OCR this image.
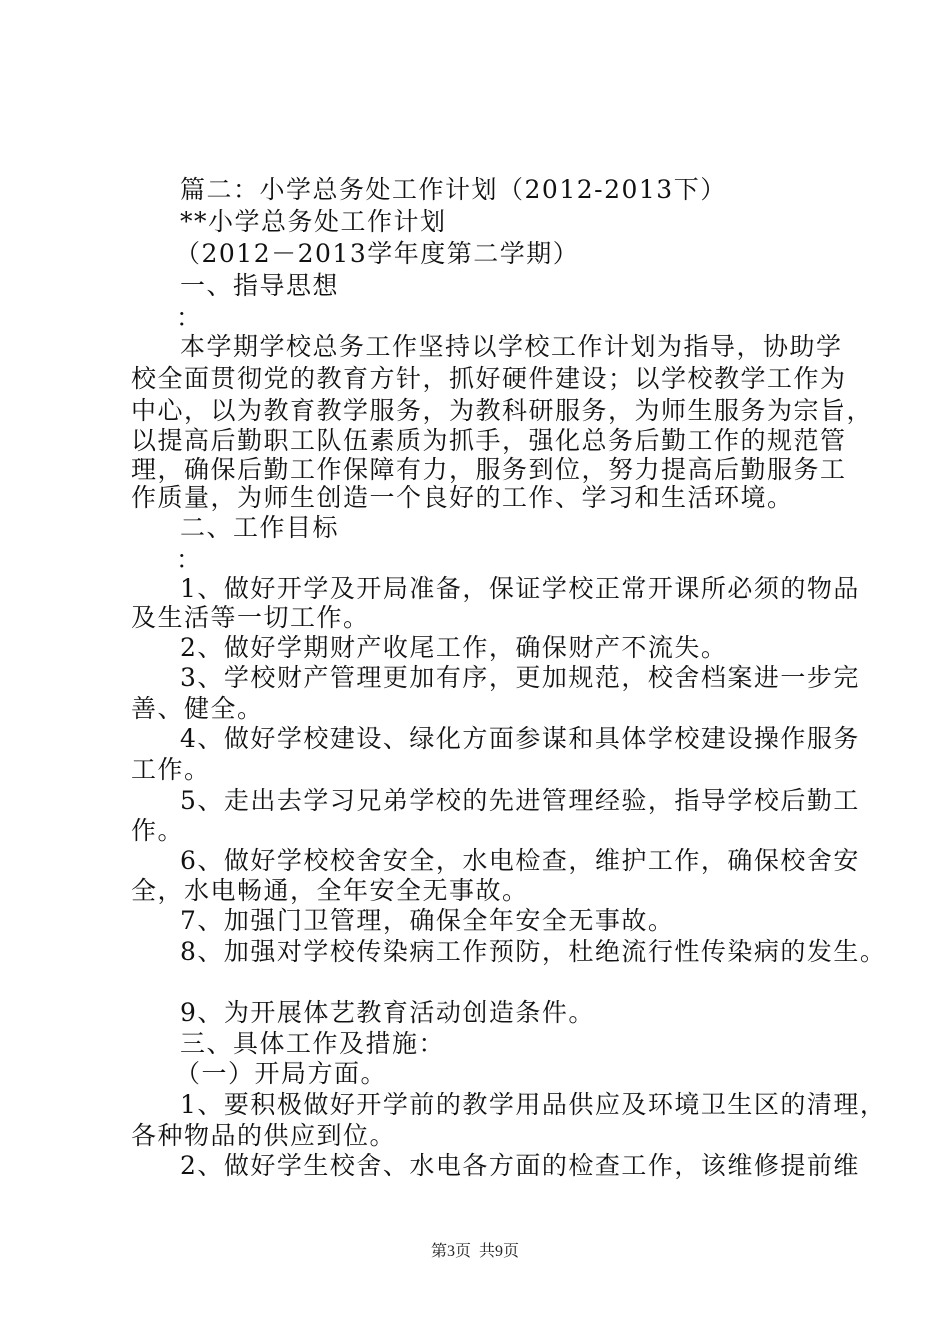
篇二：小学总务处工作计划（2012-2013下）
**小学总务处工作计划
（2012－2013学年度第二学期）
一、指导思想
：
本学期学校总务工作坚持以学校工作计划为指导，协助学
校全面贯彻党的教育方针，抓好硬件建设；以学校教学工作为
中心，以为教育教学服务，为教科研服务，为师生服务为宗旨，
以提高后勤职工队伍素质为抓手，强化总务后勤工作的规范管
理，确保后勤工作保障有力，服务到位，努力提高后勤服务工
作质量，为师生创造一个良好的工作、学习和生活环境。
二、工作目标
：
1、做好开学及开局准备，保证学校正常开课所必须的物品
及生活等一切工作。
2、做好学期财产收尾工作，确保财产不流失。
3、学校财产管理更加有序，更加规范，校舍档案进一步完
善、健全。
4、做好学校建设、绿化方面参谋和具体学校建设操作服务
工作。
5、走出去学习兄弟学校的先进管理经验，指导学校后勤工
作。
6、做好学校校舍安全，水电检查，维护工作，确保校舍安
全，水电畅通，全年安全无事故。
7、加强门卫管理，确保全年安全无事故。
8、加强对学校传染病工作预防，杜绝流行性传染病的发生。
9、为开展体艺教育活动创造条件。
三、具体工作及措施：
（一）开局方面。
1、要积极做好开学前的教学用品供应及环境卫生区的清理，
各种物品的供应到位。
2、做好学生校舍、水电各方面的检查工作，该维修提前维
第3页 共9页
